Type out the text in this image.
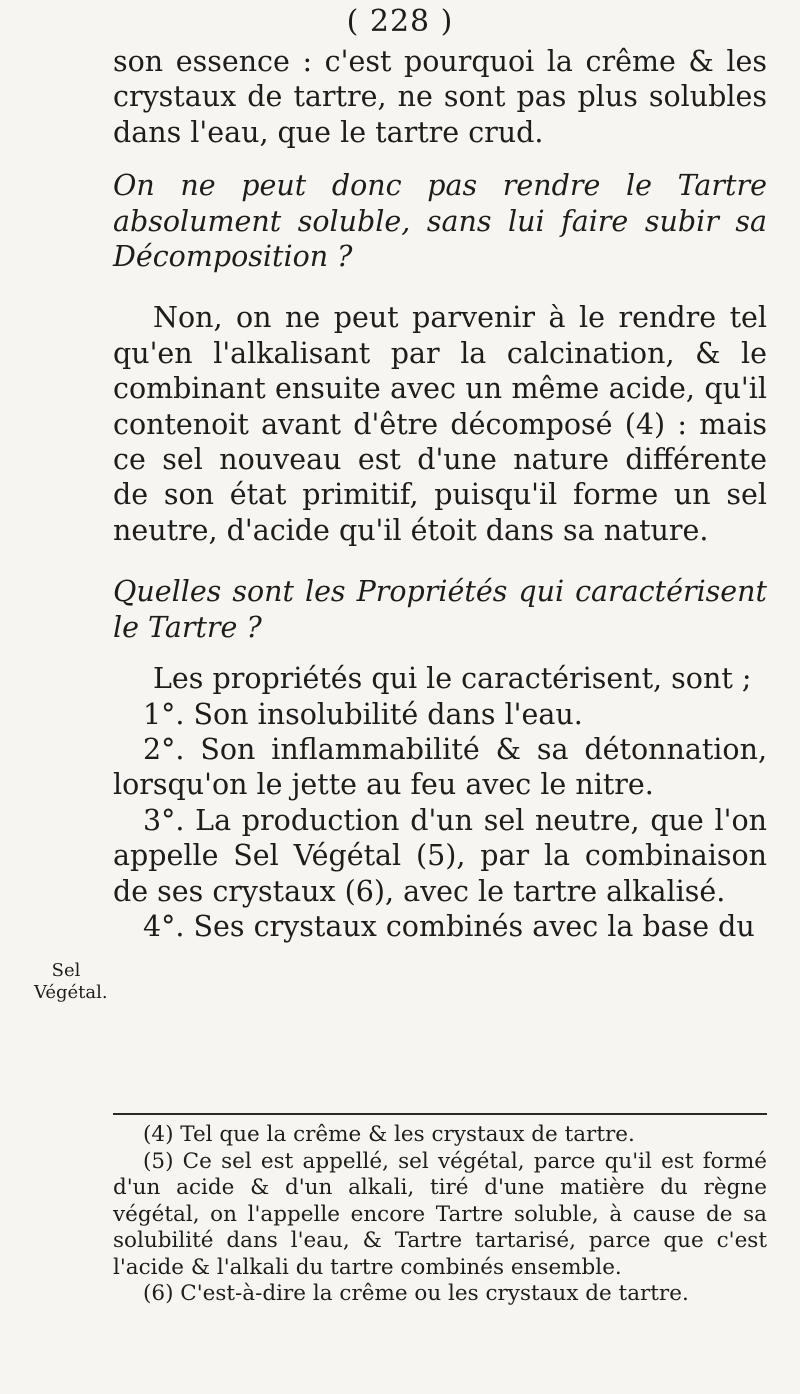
( 228 )

son essence : c'est pourquoi la crême & les crystaux de tartre, ne sont pas plus solubles dans l'eau, que le tartre crud.

On ne peut donc pas rendre le Tartre absolument soluble, sans lui faire subir sa Décomposition ?

Non, on ne peut parvenir à le rendre tel qu'en l'alkalisant par la calcination, & le combinant ensuite avec un même acide, qu'il contenoit avant d'être décomposé (4) : mais ce sel nouveau est d'une nature différente de son état primitif, puisqu'il forme un sel neutre, d'acide qu'il étoit dans sa nature.

Quelles sont les Propriétés qui caractérisent le Tartre ?

Les propriétés qui le caractérisent, sont ;

1°. Son insolubilité dans l'eau.

2°. Son inflammabilité & sa détonnation, lorsqu'on le jette au feu avec le nitre.

3°. La production d'un sel neutre, que l'on appelle Sel Végétal (5), par la combinaison de ses crystaux (6), avec le tartre alkalisé.

4°. Ses crystaux combinés avec la base du

Sel Végétal.

(4) Tel que la crême & les crystaux de tartre.

(5) Ce sel est appellé, sel végétal, parce qu'il est formé d'un acide & d'un alkali, tiré d'une matière du règne végétal, on l'appelle encore Tartre soluble, à cause de sa solubilité dans l'eau, & Tartre tartarisé, parce que c'est l'acide & l'alkali du tartre combinés ensemble.

(6) C'est-à-dire la crême ou les crystaux de tartre.
